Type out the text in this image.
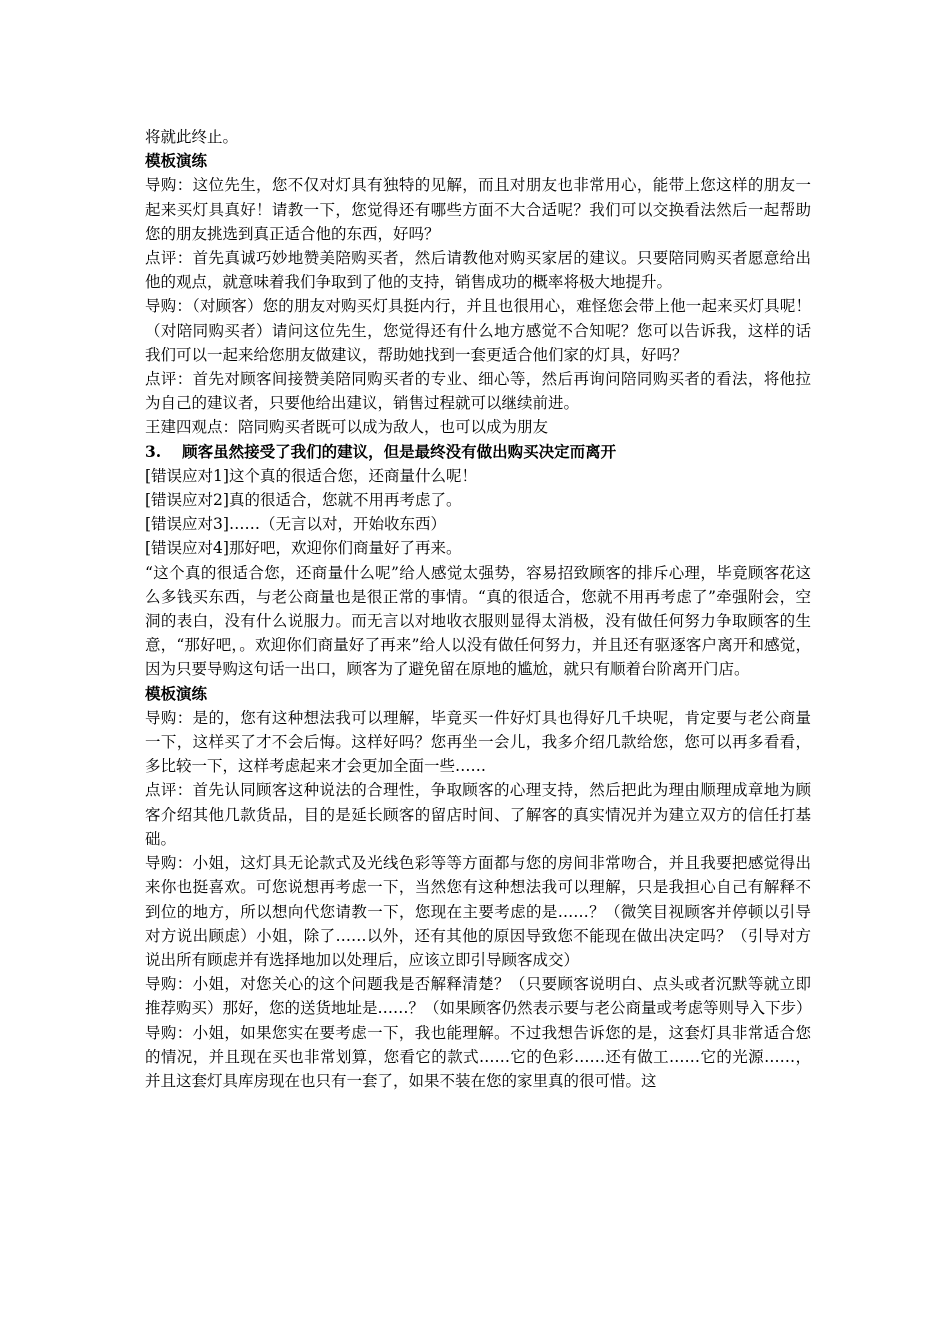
将就此终止。

模板演练

导购：这位先生，您不仅对灯具有独特的见解，而且对朋友也非常用心，能带上您这样的朋友一起来买灯具真好！请教一下，您觉得还有哪些方面不大合适呢？我们可以交换看法然后一起帮助您的朋友挑选到真正适合他的东西，好吗？

点评：首先真诚巧妙地赞美陪购买者，然后请教他对购买家居的建议。只要陪同购买者愿意给出他的观点，就意味着我们争取到了他的支持，销售成功的概率将极大地提升。

导购：（对顾客）您的朋友对购买灯具挺内行，并且也很用心，难怪您会带上他一起来买灯具呢！（对陪同购买者）请问这位先生，您觉得还有什么地方感觉不合知呢？您可以告诉我，这样的话我们可以一起来给您朋友做建议，帮助她找到一套更适合他们家的灯具，好吗？

点评：首先对顾客间接赞美陪同购买者的专业、细心等，然后再询问陪同购买者的看法，将他拉为自己的建议者，只要他给出建议，销售过程就可以继续前进。

王建四观点：陪同购买者既可以成为敌人，也可以成为朋友

3.　 顾客虽然接受了我们的建议，但是最终没有做出购买决定而离开

[错误应对1]这个真的很适合您，还商量什么呢！

[错误应对2]真的很适合，您就不用再考虑了。

[错误应对3]……（无言以对，开始收东西）

[错误应对4]那好吧，欢迎你们商量好了再来。

“这个真的很适合您，还商量什么呢”给人感觉太强势，容易招致顾客的排斥心理，毕竟顾客花这么多钱买东西，与老公商量也是很正常的事情。“真的很适合，您就不用再考虑了”牵强附会，空洞的表白，没有什么说服力。而无言以对地收衣服则显得太消极，没有做任何努力争取顾客的生意，“那好吧，。欢迎你们商量好了再来”给人以没有做任何努力，并且还有驱逐客户离开和感觉，因为只要导购这句话一出口，顾客为了避免留在原地的尴尬，就只有顺着台阶离开门店。

模板演练

导购：是的，您有这种想法我可以理解，毕竟买一件好灯具也得好几千块呢，肯定要与老公商量一下，这样买了才不会后悔。这样好吗？您再坐一会儿，我多介绍几款给您，您可以再多看看，多比较一下，这样考虑起来才会更加全面一些……

点评：首先认同顾客这种说法的合理性，争取顾客的心理支持，然后把此为理由顺理成章地为顾客介绍其他几款货品，目的是延长顾客的留店时间、了解客的真实情况并为建立双方的信任打基础。

导购：小姐，这灯具无论款式及光线色彩等等方面都与您的房间非常吻合，并且我要把感觉得出来你也挺喜欢。可您说想再考虑一下，当然您有这种想法我可以理解，只是我担心自己有解释不到位的地方，所以想向代您请教一下，您现在主要考虑的是……？（微笑目视顾客并停顿以引导对方说出顾虑）小姐，除了……以外，还有其他的原因导致您不能现在做出决定吗？（引导对方说出所有顾虑并有选择地加以处理后，应该立即引导顾客成交）

导购：小姐，对您关心的这个问题我是否解释清楚？（只要顾客说明白、点头或者沉默等就立即推荐购买）那好，您的送货地址是……？（如果顾客仍然表示要与老公商量或考虑等则导入下步）

导购：小姐，如果您实在要考虑一下，我也能理解。不过我想告诉您的是，这套灯具非常适合您的情况，并且现在买也非常划算，您看它的款式……它的色彩……还有做工……它的光源……，并且这套灯具库房现在也只有一套了，如果不装在您的家里真的很可惜。这
